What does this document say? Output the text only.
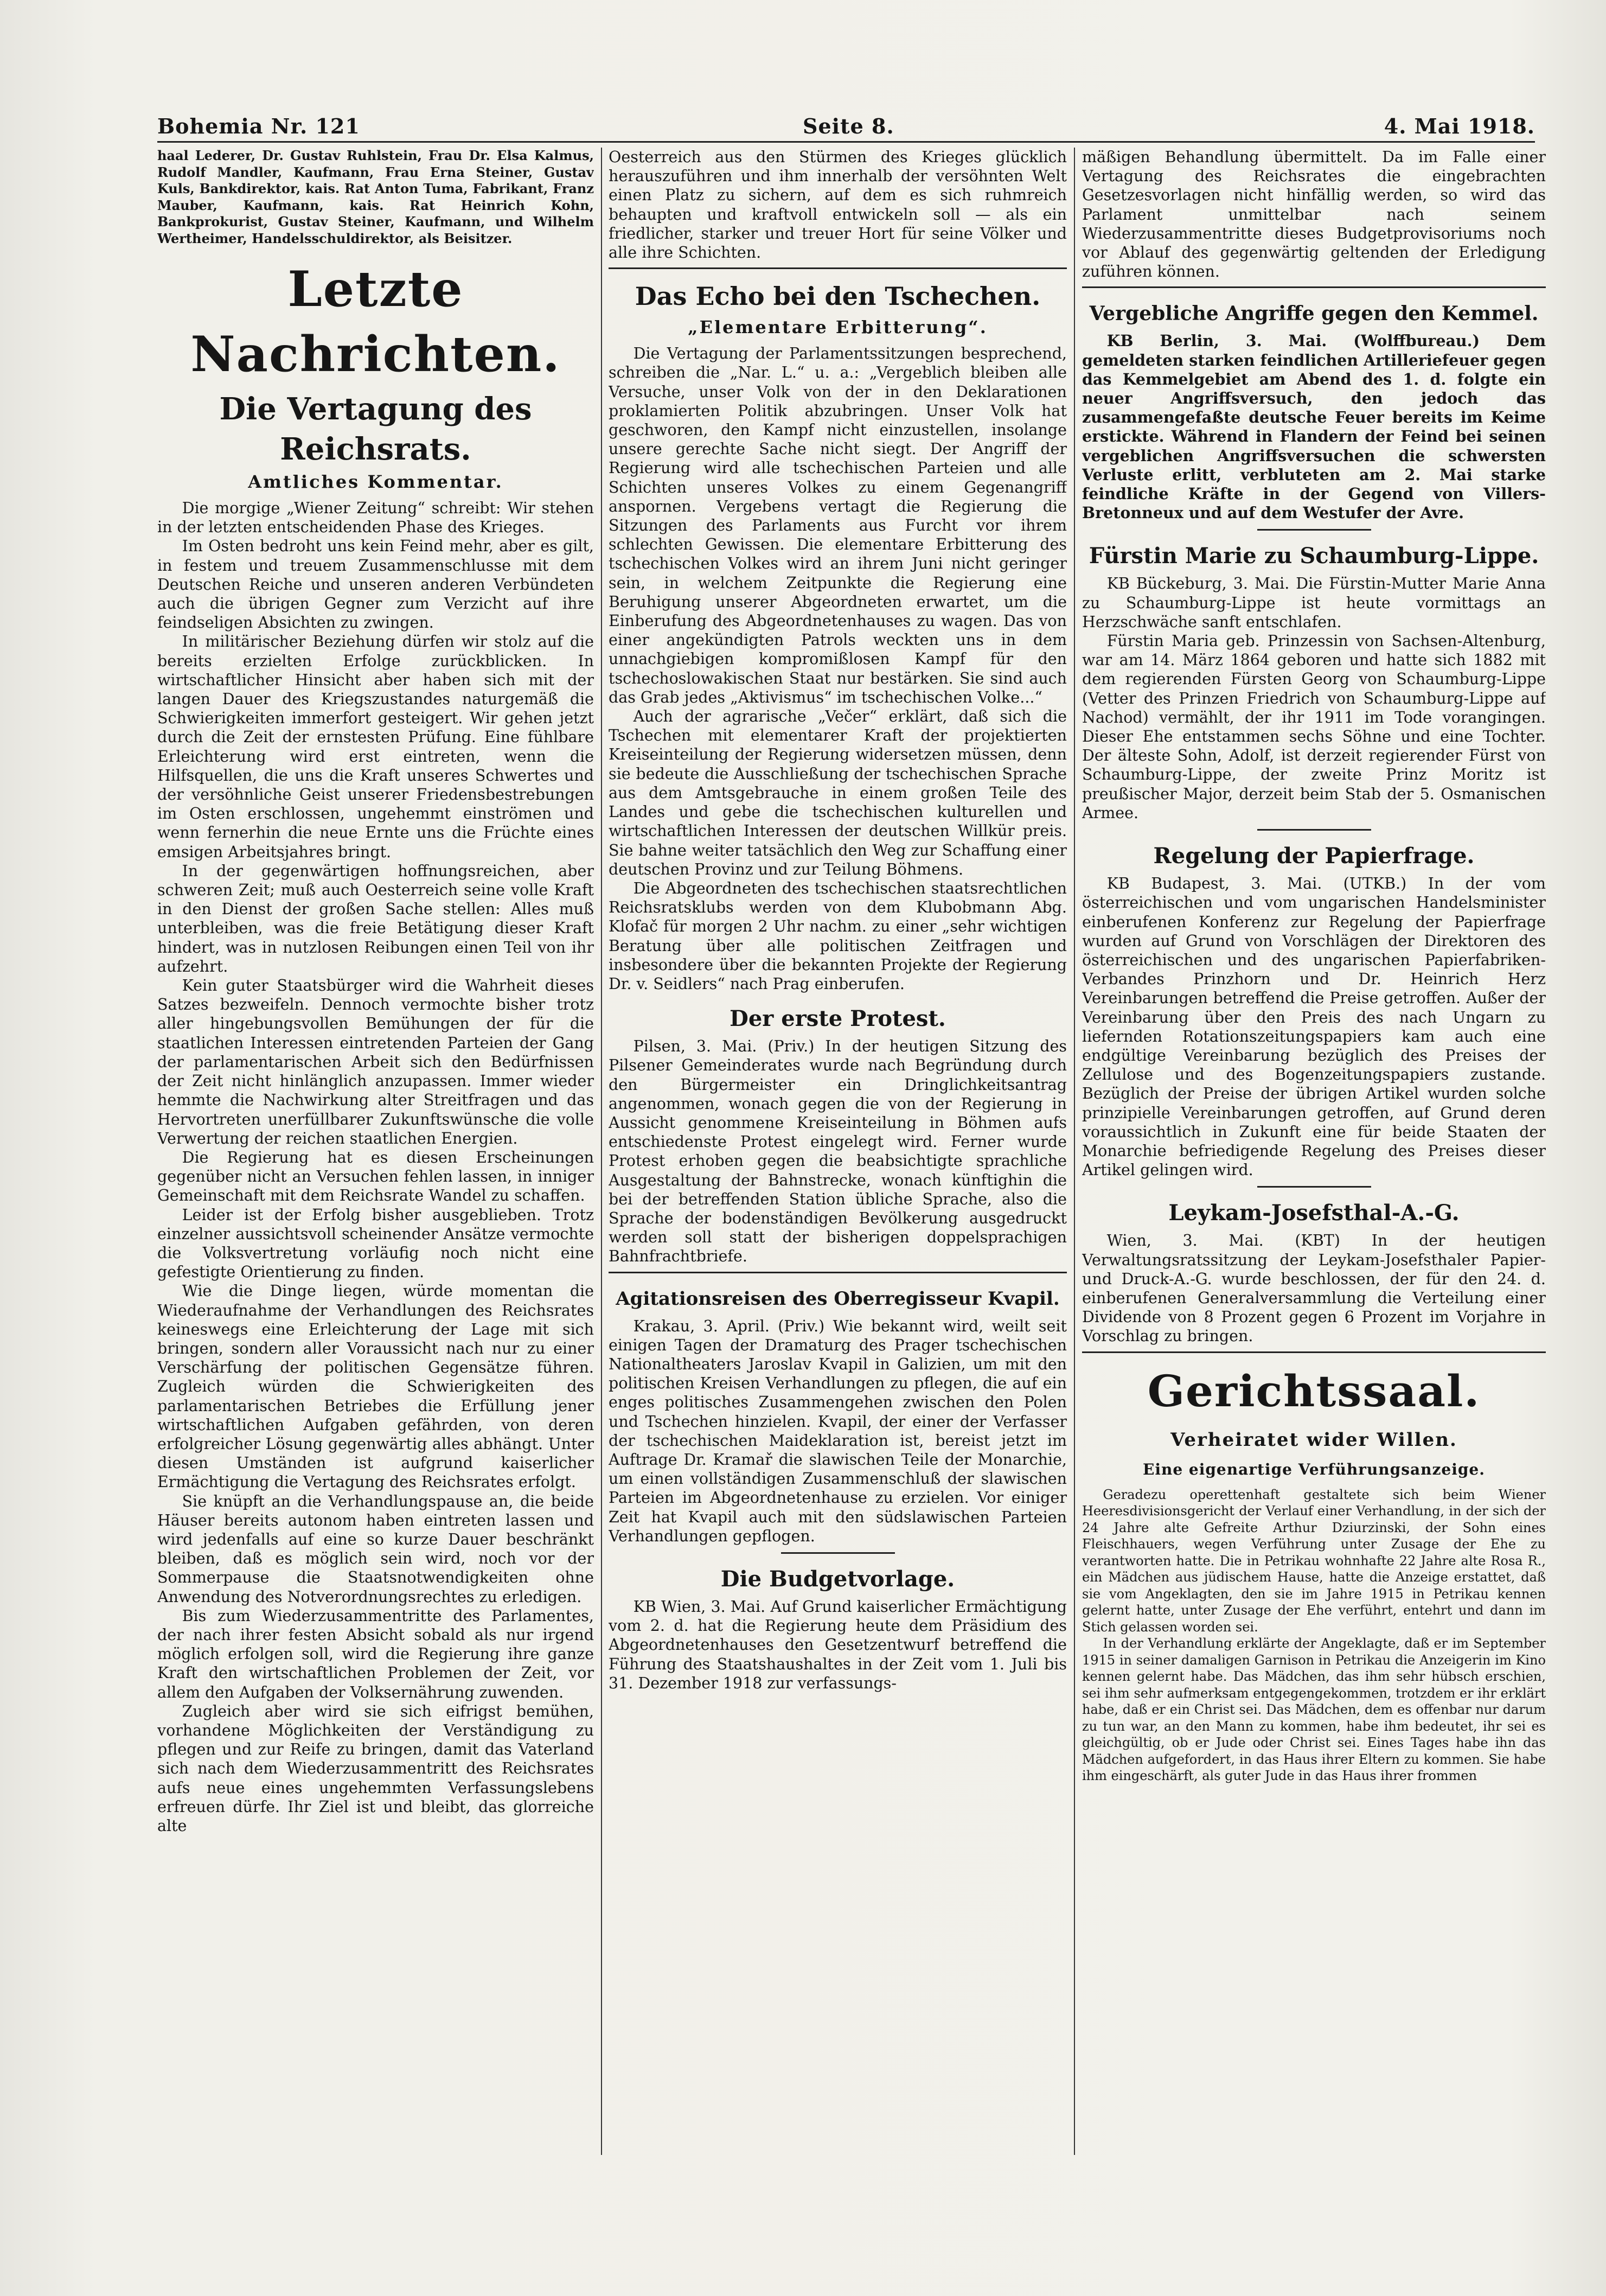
Bohemia Nr. 121	Seite 8.	4. Mai 1918.

haal Lederer, Dr. Gustav Ruhlstein, Frau Dr. Elsa Kalmus, Rudolf Mandler, Kaufmann, Frau Erna Steiner, Gustav Kuls, Bankdirektor, kais. Rat Anton Tuma, Fabrikant, Franz Mauber, Kaufmann, kais. Rat Heinrich Kohn, Bankprokurist, Gustav Steiner, Kaufmann, und Wilhelm Wertheimer, Handelsschuldirektor, als Beisitzer.

Letzte Nachrichten.
Die Vertagung des Reichsrats.
Amtliches Kommentar.

Die morgige „Wiener Zeitung“ schreibt: Wir stehen in der letzten entscheidenden Phase des Krieges.

Im Osten bedroht uns kein Feind mehr, aber es gilt, in festem und treuem Zusammenschlusse mit dem Deutschen Reiche und unseren anderen Verbündeten auch die übrigen Gegner zum Verzicht auf ihre feindseligen Absichten zu zwingen.

In militärischer Beziehung dürfen wir stolz auf die bereits erzielten Erfolge zurückblicken. In wirtschaftlicher Hinsicht aber haben sich mit der langen Dauer des Kriegszustandes naturgemäß die Schwierigkeiten immerfort gesteigert. Wir gehen jetzt durch die Zeit der ernstesten Prüfung. Eine fühlbare Erleichterung wird erst eintreten, wenn die Hilfsquellen, die uns die Kraft unseres Schwertes und der versöhnliche Geist unserer Friedensbestrebungen im Osten erschlossen, ungehemmt einströmen und wenn fernerhin die neue Ernte uns die Früchte eines emsigen Arbeitsjahres bringt.

In der gegenwärtigen hoffnungsreichen, aber schweren Zeit; muß auch Oesterreich seine volle Kraft in den Dienst der großen Sache stellen: Alles muß unterbleiben, was die freie Betätigung dieser Kraft hindert, was in nutzlosen Reibungen einen Teil von ihr aufzehrt.

Kein guter Staatsbürger wird die Wahrheit dieses Satzes bezweifeln. Dennoch vermochte bisher trotz aller hingebungsvollen Bemühungen der für die staatlichen Interessen eintretenden Parteien der Gang der parlamentarischen Arbeit sich den Bedürfnissen der Zeit nicht hinlänglich anzupassen. Immer wieder hemmte die Nachwirkung alter Streitfragen und das Hervortreten unerfüllbarer Zukunftswünsche die volle Verwertung der reichen staatlichen Energien.

Die Regierung hat es diesen Erscheinungen gegenüber nicht an Versuchen fehlen lassen, in inniger Gemeinschaft mit dem Reichsrate Wandel zu schaffen.

Leider ist der Erfolg bisher ausgeblieben. Trotz einzelner aussichtsvoll scheinender Ansätze vermochte die Volksvertretung vorläufig noch nicht eine gefestigte Orientierung zu finden.

Wie die Dinge liegen, würde momentan die Wiederaufnahme der Verhandlungen des Reichsrates keineswegs eine Erleichterung der Lage mit sich bringen, sondern aller Voraussicht nach nur zu einer Verschärfung der politischen Gegensätze führen. Zugleich würden die Schwierigkeiten des parlamentarischen Betriebes die Erfüllung jener wirtschaftlichen Aufgaben gefährden, von deren erfolgreicher Lösung gegenwärtig alles abhängt. Unter diesen Umständen ist aufgrund kaiserlicher Ermächtigung die Vertagung des Reichsrates erfolgt.

Sie knüpft an die Verhandlungspause an, die beide Häuser bereits autonom haben eintreten lassen und wird jedenfalls auf eine so kurze Dauer beschränkt bleiben, daß es möglich sein wird, noch vor der Sommerpause die Staatsnotwendigkeiten ohne Anwendung des Notverordnungsrechtes zu erledigen.

Bis zum Wiederzusammentritte des Parlamentes, der nach ihrer festen Absicht sobald als nur irgend möglich erfolgen soll, wird die Regierung ihre ganze Kraft den wirtschaftlichen Problemen der Zeit, vor allem den Aufgaben der Volksernährung zuwenden.

Zugleich aber wird sie sich eifrigst bemühen, vorhandene Möglichkeiten der Verständigung zu pflegen und zur Reife zu bringen, damit das Vaterland sich nach dem Wiederzusammentritt des Reichsrates aufs neue eines ungehemmten Verfassungslebens erfreuen dürfe. Ihr Ziel ist und bleibt, das glorreiche alte

Oesterreich aus den Stürmen des Krieges glücklich herauszuführen und ihm innerhalb der versöhnten Welt einen Platz zu sichern, auf dem es sich ruhmreich behaupten und kraftvoll entwickeln soll — als ein friedlicher, starker und treuer Hort für seine Völker und alle ihre Schichten.

Das Echo bei den Tschechen.
„Elementare Erbitterung“.

Die Vertagung der Parlamentssitzungen besprechend, schreiben die „Nar. L.“ u. a.: „Vergeblich bleiben alle Versuche, unser Volk von der in den Deklarationen proklamierten Politik abzubringen. Unser Volk hat geschworen, den Kampf nicht einzustellen, insolange unsere gerechte Sache nicht siegt. Der Angriff der Regierung wird alle tschechischen Parteien und alle Schichten unseres Volkes zu einem Gegenangriff anspornen. Vergebens vertagt die Regierung die Sitzungen des Parlaments aus Furcht vor ihrem schlechten Gewissen. Die elementare Erbitterung des tschechischen Volkes wird an ihrem Juni nicht geringer sein, in welchem Zeitpunkte die Regierung eine Beruhigung unserer Abgeordneten erwartet, um die Einberufung des Abgeordnetenhauses zu wagen. Das von einer angekündigten Patrols weckten uns in dem unnachgiebigen kompromißlosen Kampf für den tschechoslowakischen Staat nur bestärken. Sie sind auch das Grab jedes „Aktivismus“ im tschechischen Volke...“

Auch der agrarische „Večer“ erklärt, daß sich die Tschechen mit elementarer Kraft der projektierten Kreiseinteilung der Regierung widersetzen müssen, denn sie bedeute die Ausschließung der tschechischen Sprache aus dem Amtsgebrauche in einem großen Teile des Landes und gebe die tschechischen kulturellen und wirtschaftlichen Interessen der deutschen Willkür preis. Sie bahne weiter tatsächlich den Weg zur Schaffung einer deutschen Provinz und zur Teilung Böhmens.

Die Abgeordneten des tschechischen staatsrechtlichen Reichsratsklubs werden von dem Klubobmann Abg. Klofač für morgen 2 Uhr nachm. zu einer „sehr wichtigen Beratung über alle politischen Zeitfragen und insbesondere über die bekannten Projekte der Regierung Dr. v. Seidlers“ nach Prag einberufen.

Der erste Protest.

Pilsen, 3. Mai. (Priv.) In der heutigen Sitzung des Pilsener Gemeinderates wurde nach Begründung durch den Bürgermeister ein Dringlichkeitsantrag angenommen, wonach gegen die von der Regierung in Aussicht genommene Kreiseinteilung in Böhmen aufs entschiedenste Protest eingelegt wird. Ferner wurde Protest erhoben gegen die beabsichtigte sprachliche Ausgestaltung der Bahnstrecke, wonach künftighin die bei der betreffenden Station übliche Sprache, also die Sprache der bodenständigen Bevölkerung ausgedruckt werden soll statt der bisherigen doppelsprachigen Bahnfrachtbriefe.

Agitationsreisen des Oberregisseur Kvapil.

Krakau, 3. April. (Priv.) Wie bekannt wird, weilt seit einigen Tagen der Dramaturg des Prager tschechischen Nationaltheaters Jaroslav Kvapil in Galizien, um mit den politischen Kreisen Verhandlungen zu pflegen, die auf ein enges politisches Zusammengehen zwischen den Polen und Tschechen hinzielen. Kvapil, der einer der Verfasser der tschechischen Maideklaration ist, bereist jetzt im Auftrage Dr. Kramař die slawischen Teile der Monarchie, um einen vollständigen Zusammenschluß der slawischen Parteien im Abgeordnetenhause zu erzielen. Vor einiger Zeit hat Kvapil auch mit den südslawischen Parteien Verhandlungen gepflogen.

Die Budgetvorlage.

KB Wien, 3. Mai. Auf Grund kaiserlicher Ermächtigung vom 2. d. hat die Regierung heute dem Präsidium des Abgeordnetenhauses den Gesetzentwurf betreffend die Führung des Staatshaushaltes in der Zeit vom 1. Juli bis 31. Dezember 1918 zur verfassungs-

mäßigen Behandlung übermittelt. Da im Falle einer Vertagung des Reichsrates die eingebrachten Gesetzesvorlagen nicht hinfällig werden, so wird das Parlament unmittelbar nach seinem Wiederzusammentritte dieses Budgetprovisoriums noch vor Ablauf des gegenwärtig geltenden der Erledigung zuführen können.

Vergebliche Angriffe gegen den Kemmel.

KB Berlin, 3. Mai. (Wolffbureau.) Dem gemeldeten starken feindlichen Artilleriefeuer gegen das Kemmelgebiet am Abend des 1. d. folgte ein neuer Angriffsversuch, den jedoch das zusammengefaßte deutsche Feuer bereits im Keime erstickte. Während in Flandern der Feind bei seinen vergeblichen Angriffsversuchen die schwersten Verluste erlitt, verbluteten am 2. Mai starke feindliche Kräfte in der Gegend von Villers-Bretonneux und auf dem Westufer der Avre.

Fürstin Marie zu Schaumburg-Lippe.

KB Bückeburg, 3. Mai. Die Fürstin-Mutter Marie Anna zu Schaumburg-Lippe ist heute vormittags an Herzschwäche sanft entschlafen.

Fürstin Maria geb. Prinzessin von Sachsen-Altenburg, war am 14. März 1864 geboren und hatte sich 1882 mit dem regierenden Fürsten Georg von Schaumburg-Lippe (Vetter des Prinzen Friedrich von Schaumburg-Lippe auf Nachod) vermählt, der ihr 1911 im Tode vorangingen. Dieser Ehe entstammen sechs Söhne und eine Tochter. Der älteste Sohn, Adolf, ist derzeit regierender Fürst von Schaumburg-Lippe, der zweite Prinz Moritz ist preußischer Major, derzeit beim Stab der 5. Osmanischen Armee.

Regelung der Papierfrage.

KB Budapest, 3. Mai. (UTKB.) In der vom österreichischen und vom ungarischen Handelsminister einberufenen Konferenz zur Regelung der Papierfrage wurden auf Grund von Vorschlägen der Direktoren des österreichischen und des ungarischen Papierfabriken-Verbandes Prinzhorn und Dr. Heinrich Herz Vereinbarungen betreffend die Preise getroffen. Außer der Vereinbarung über den Preis des nach Ungarn zu liefernden Rotationszeitungspapiers kam auch eine endgültige Vereinbarung bezüglich des Preises der Zellulose und des Bogenzeitungspapiers zustande. Bezüglich der Preise der übrigen Artikel wurden solche prinzipielle Vereinbarungen getroffen, auf Grund deren voraussichtlich in Zukunft eine für beide Staaten der Monarchie befriedigende Regelung des Preises dieser Artikel gelingen wird.

Leykam-Josefsthal-A.-G.

Wien, 3. Mai. (KBT) In der heutigen Verwaltungsratssitzung der Leykam-Josefsthaler Papier- und Druck-A.-G. wurde beschlossen, der für den 24. d. einberufenen Generalversammlung die Verteilung einer Dividende von 8 Prozent gegen 6 Prozent im Vorjahre in Vorschlag zu bringen.

Gerichtssaal.
Verheiratet wider Willen.
Eine eigenartige Verführungsanzeige.

Geradezu operettenhaft gestaltete sich beim Wiener Heeresdivisionsgericht der Verlauf einer Verhandlung, in der sich der 24 Jahre alte Gefreite Arthur Dziurzinski, der Sohn eines Fleischhauers, wegen Verführung unter Zusage der Ehe zu verantworten hatte. Die in Petrikau wohnhafte 22 Jahre alte Rosa R., ein Mädchen aus jüdischem Hause, hatte die Anzeige erstattet, daß sie vom Angeklagten, den sie im Jahre 1915 in Petrikau kennen gelernt hatte, unter Zusage der Ehe verführt, entehrt und dann im Stich gelassen worden sei.

In der Verhandlung erklärte der Angeklagte, daß er im September 1915 in seiner damaligen Garnison in Petrikau die Anzeigerin im Kino kennen gelernt habe. Das Mädchen, das ihm sehr hübsch erschien, sei ihm sehr aufmerksam entgegengekommen, trotzdem er ihr erklärt habe, daß er ein Christ sei. Das Mädchen, dem es offenbar nur darum zu tun war, an den Mann zu kommen, habe ihm bedeutet, ihr sei es gleichgültig, ob er Jude oder Christ sei. Eines Tages habe ihn das Mädchen aufgefordert, in das Haus ihrer Eltern zu kommen. Sie habe ihm eingeschärft, als guter Jude in das Haus ihrer frommen
